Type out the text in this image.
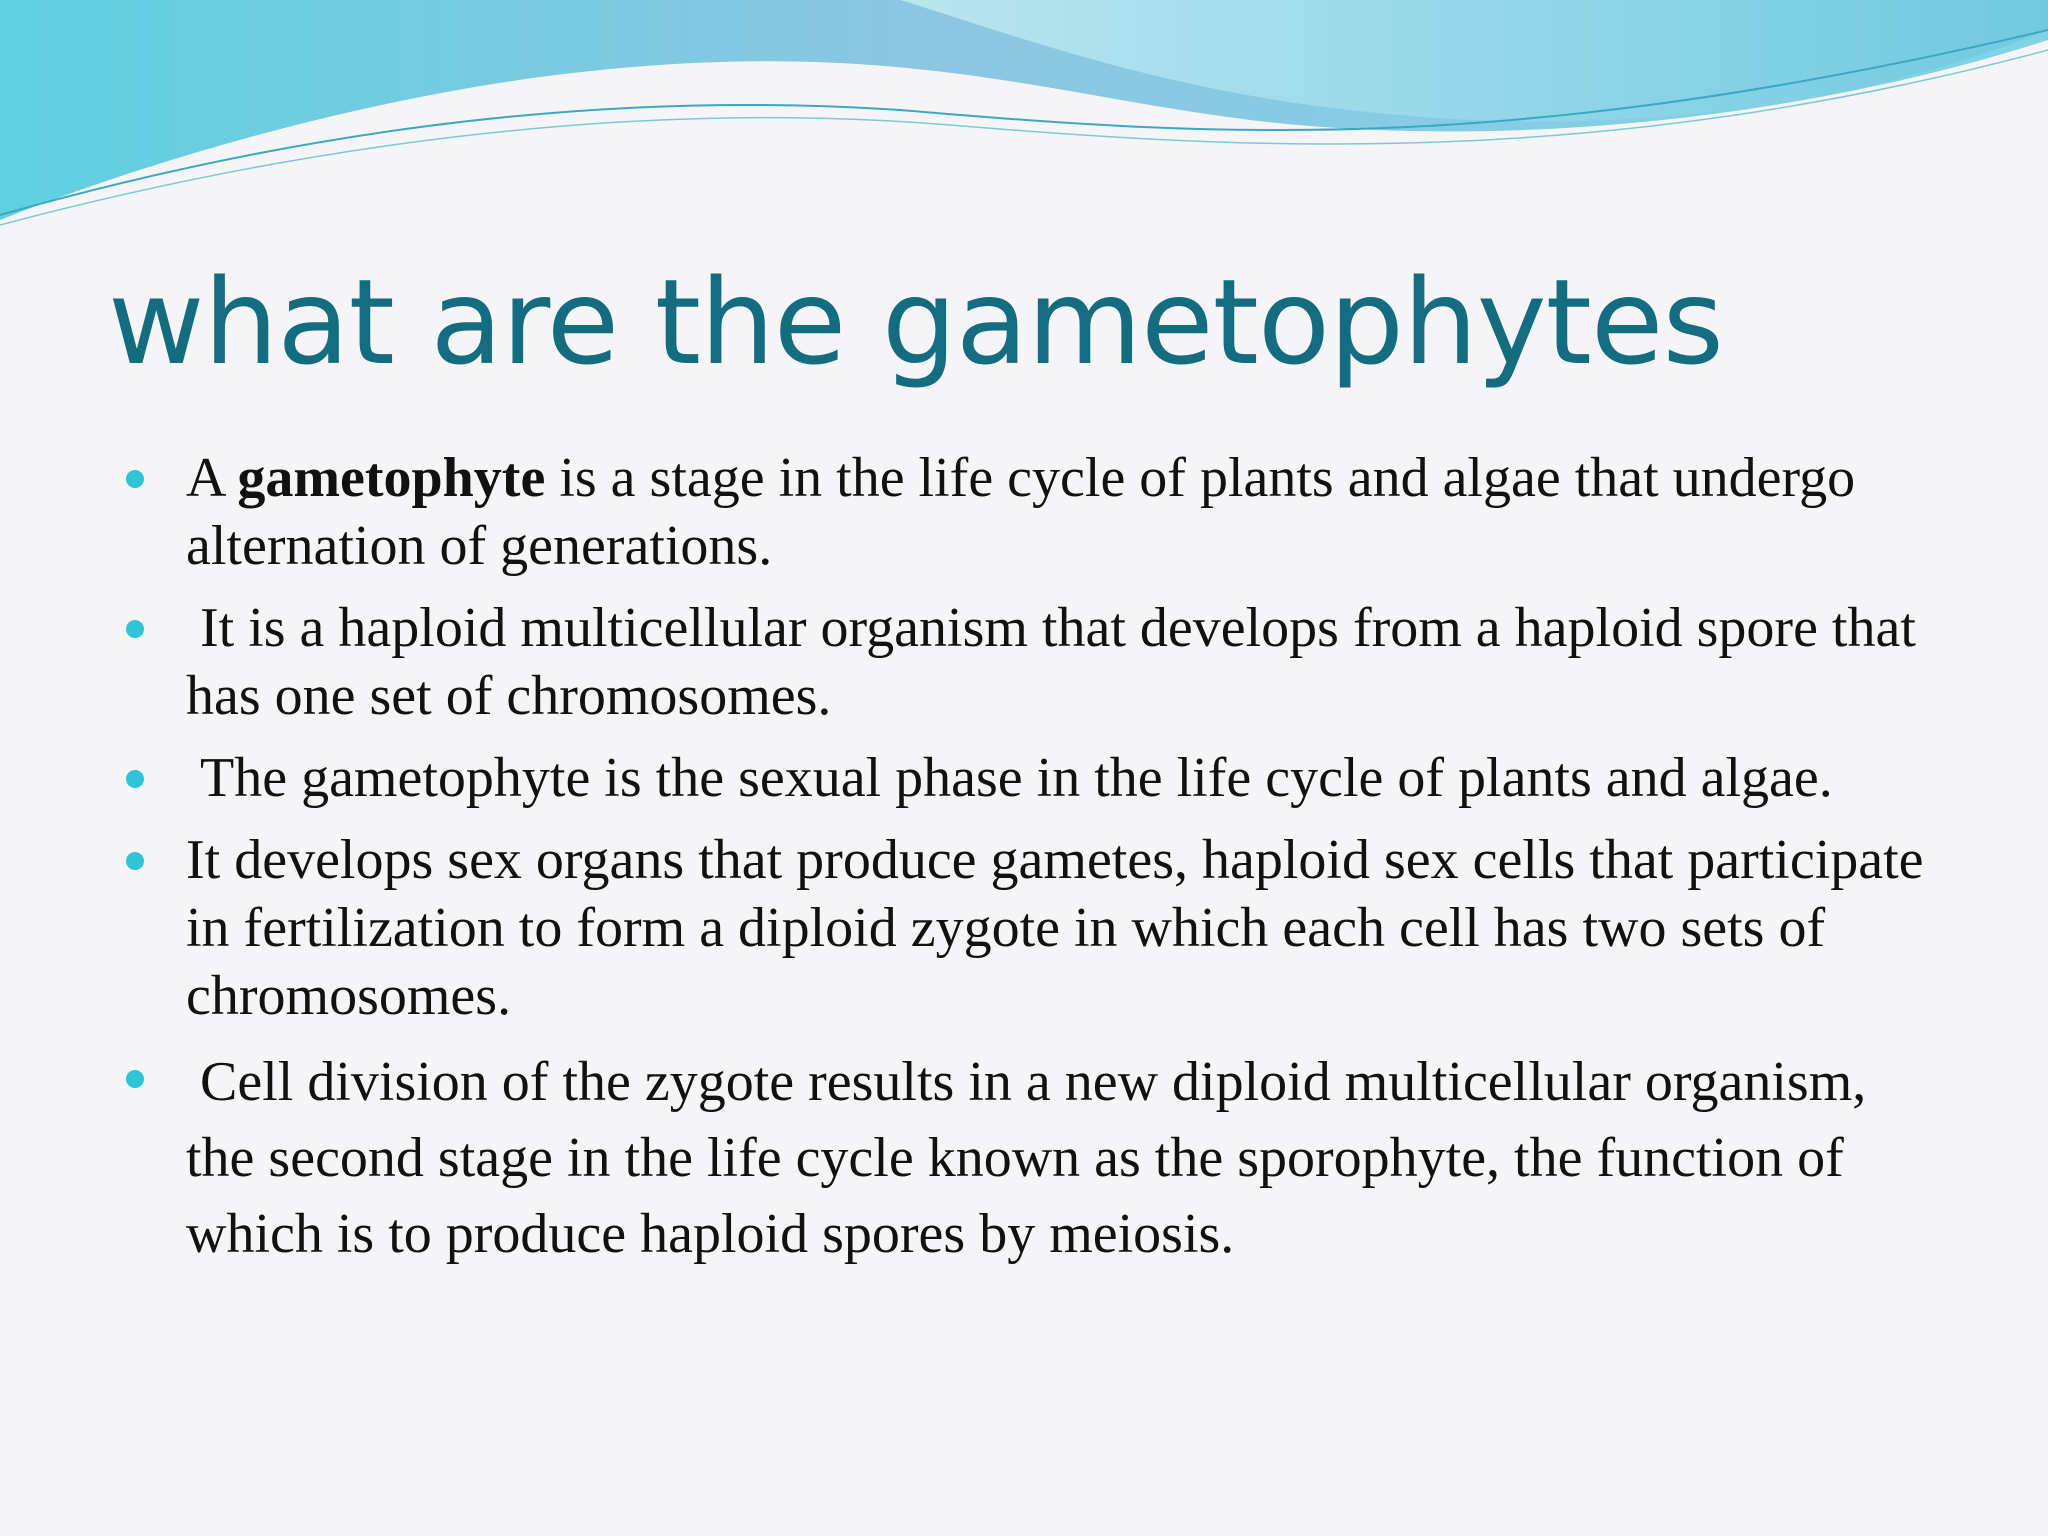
what are the gametophytes
A gametophyte is a stage in the life cycle of plants and algae that undergo alternation of generations.
It is a haploid multicellular organism that develops from a haploid spore that has one set of chromosomes.
The gametophyte is the sexual phase in the life cycle of plants and algae.
It develops sex organs that produce gametes, haploid sex cells that participate in fertilization to form a diploid zygote in which each cell has two sets of chromosomes.
Cell division of the zygote results in a new diploid multicellular organism, the second stage in the life cycle known as the sporophyte, the function of which is to produce haploid spores by meiosis.
